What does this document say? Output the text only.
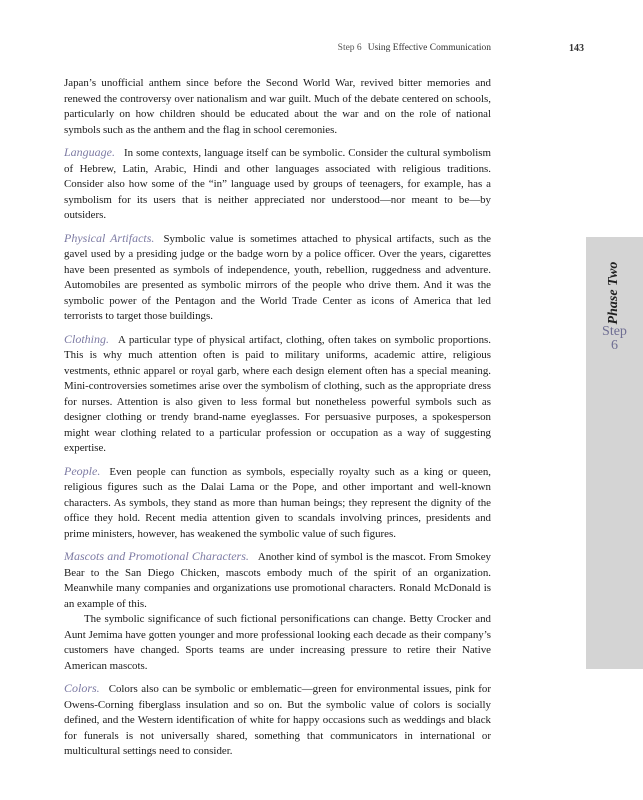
Step 6 Using Effective Communication	143

Japan’s unofficial anthem since before the Second World War, revived bitter memories and renewed the controversy over nationalism and war guilt. Much of the debate centered on schools, particularly on how children should be educated about the war and on the role of national symbols such as the anthem and the flag in school ceremonies.

Language. In some contexts, language itself can be symbolic. Consider the cultural symbolism of Hebrew, Latin, Arabic, Hindi and other languages associated with religious traditions. Consider also how some of the “in” language used by groups of teenagers, for example, has a symbolism for its users that is neither appreciated nor understood—nor meant to be—by outsiders.

Physical Artifacts. Symbolic value is sometimes attached to physical artifacts, such as the gavel used by a presiding judge or the badge worn by a police officer. Over the years, cigarettes have been presented as symbols of independence, youth, rebellion, ruggedness and adventure. Automobiles are presented as symbolic mirrors of the people who drive them. And it was the symbolic power of the Pentagon and the World Trade Center as icons of America that led terrorists to target those buildings.

Clothing. A particular type of physical artifact, clothing, often takes on symbolic proportions. This is why much attention often is paid to military uniforms, academic attire, religious vestments, ethnic apparel or royal garb, where each design element often has a special meaning. Mini-controversies sometimes arise over the symbolism of clothing, such as the appropriate dress for nurses. Attention is also given to less formal but nonetheless powerful symbols such as designer clothing or trendy brand-name eyeglasses. For persuasive purposes, a spokesperson might wear clothing related to a particular profession or occupation as a way of suggesting expertise.

People. Even people can function as symbols, especially royalty such as a king or queen, religious figures such as the Dalai Lama or the Pope, and other important and well-known characters. As symbols, they stand as more than human beings; they represent the dignity of the office they hold. Recent media attention given to scandals involving princes, presidents and prime ministers, however, has weakened the symbolic value of such figures.

Mascots and Promotional Characters. Another kind of symbol is the mascot. From Smokey Bear to the San Diego Chicken, mascots embody much of the spirit of an organization. Meanwhile many companies and organizations use promotional characters. Ronald McDonald is an example of this.

The symbolic significance of such fictional personifications can change. Betty Crocker and Aunt Jemima have gotten younger and more professional looking each decade as their company’s customers have changed. Sports teams are under increasing pressure to retire their Native American mascots.

Colors. Colors also can be symbolic or emblematic—green for environmental issues, pink for Owens-Corning fiberglass insulation and so on. But the symbolic value of colors is socially defined, and the Western identification of white for happy occasions such as weddings and black for funerals is not universally shared, something that communicators in international or multicultural settings need to consider.

Phase Two
Step
6
